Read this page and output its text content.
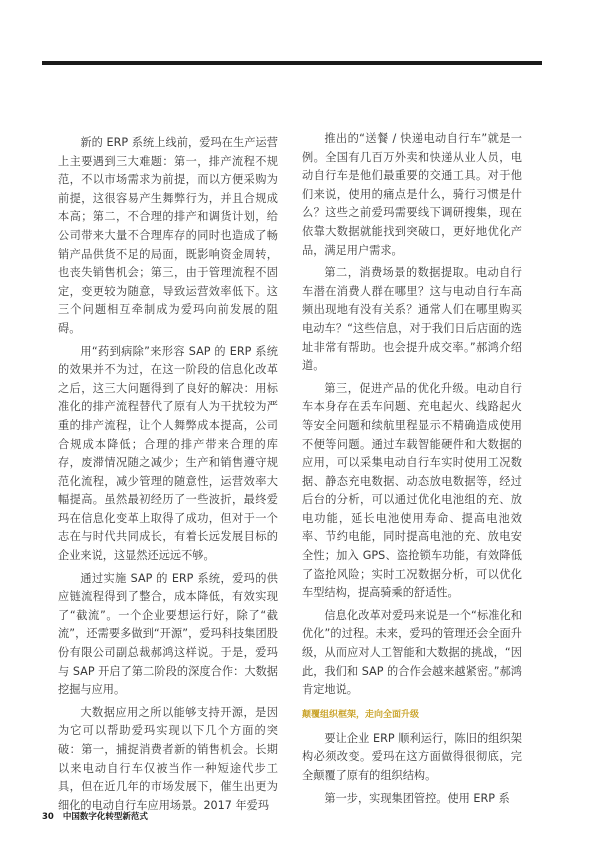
新的 ERP 系统上线前，爱玛在生产运营上主要遇到三大难题：第一，排产流程不规范，不以市场需求为前提，而以方便采购为前提，这很容易产生舞弊行为，并且合规成本高；第二，不合理的排产和调货计划，给公司带来大量不合理库存的同时也造成了畅销产品供货不足的局面，既影响资金周转，也丧失销售机会；第三，由于管理流程不固定，变更较为随意，导致运营效率低下。这三个问题相互牵制成为爱玛向前发展的阻碍。

用“药到病除”来形容 SAP 的 ERP 系统的效果并不为过，在这一阶段的信息化改革之后，这三大问题得到了良好的解决：用标准化的排产流程替代了原有人为干扰较为严重的排产流程，让个人舞弊成本提高，公司合规成本降低；合理的排产带来合理的库存，废滞情况随之减少；生产和销售遵守规范化流程，减少管理的随意性，运营效率大幅提高。虽然最初经历了一些波折，最终爱玛在信息化变革上取得了成功，但对于一个志在与时代共同成长，有着长远发展目标的企业来说，这显然还远远不够。

通过实施 SAP 的 ERP 系统，爱玛的供应链流程得到了整合，成本降低，有效实现了“截流”。一个企业要想运行好，除了“截流”，还需要多做到“开源”，爱玛科技集团股份有限公司副总裁郝鸿这样说。于是，爱玛与 SAP 开启了第二阶段的深度合作：大数据挖掘与应用。

大数据应用之所以能够支持开源，是因为它可以帮助爱玛实现以下几个方面的突破：第一，捕捉消费者新的销售机会。长期以来电动自行车仅被当作一种短途代步工具，但在近几年的市场发展下，催生出更为细化的电动自行车应用场景。2017 年爱玛

推出的“送餐 / 快递电动自行车”就是一例。全国有几百万外卖和快递从业人员，电动自行车是他们最重要的交通工具。对于他们来说，使用的痛点是什么，骑行习惯是什么？这些之前爱玛需要线下调研搜集，现在依靠大数据就能找到突破口，更好地优化产品，满足用户需求。

第二，消费场景的数据提取。电动自行车潜在消费人群在哪里？这与电动自行车高频出现地有没有关系？通常人们在哪里购买电动车？“这些信息，对于我们日后店面的选址非常有帮助。也会提升成交率。”郝鸿介绍道。

第三，促进产品的优化升级。电动自行车本身存在丢车问题、充电起火、线路起火等安全问题和续航里程显示不精确造成使用不便等问题。通过车载智能硬件和大数据的应用，可以采集电动自行车实时使用工况数据、静态充电数据、动态放电数据等，经过后台的分析，可以通过优化电池组的充、放电功能，延长电池使用寿命、提高电池效率、节约电能，同时提高电池的充、放电安全性；加入 GPS、盗抢锁车功能，有效降低了盗抢风险；实时工况数据分析，可以优化车型结构，提高骑乘的舒适性。

信息化改革对爱玛来说是一个“标准化和优化”的过程。未来，爱玛的管理还会全面升级，从而应对人工智能和大数据的挑战，“因此，我们和 SAP 的合作会越来越紧密。”郝鸿肯定地说。

颠覆组织框架，走向全面升级

要让企业 ERP 顺利运行，陈旧的组织架构必须改变。爱玛在这方面做得很彻底，完全颠覆了原有的组织结构。

第一步，实现集团管控。使用 ERP 系

30 中国数字化转型新范式
